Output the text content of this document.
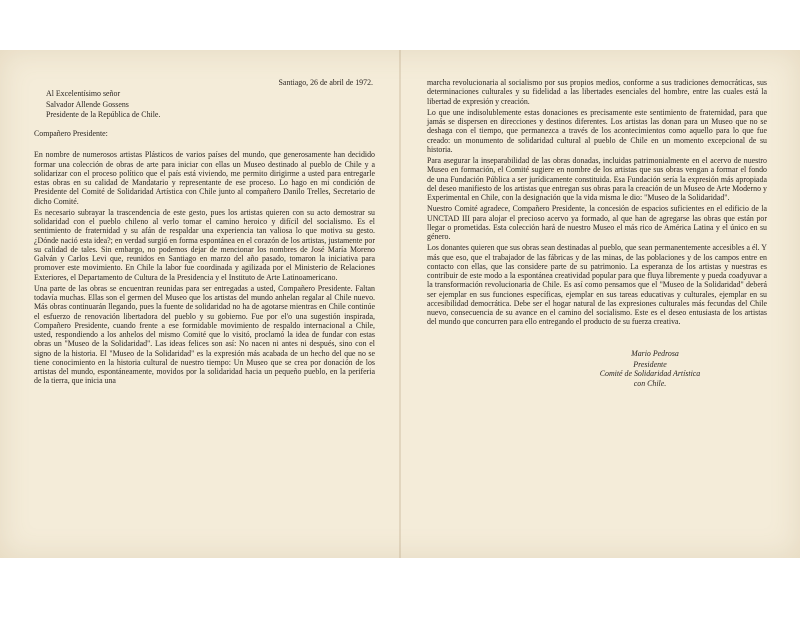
Santiago, 26 de abril de 1972.

Al Excelentísimo señor

Salvador Allende Gossens

Presidente de la República de Chile.

Compañero Presidente:

En nombre de numerosos artistas Plásticos de varios países del mundo, que generosamente han decidido formar una colección de obras de arte para iniciar con ellas un Museo destinado al pueblo de Chile y a solidarizar con el proceso político que el país está viviendo, me permito dirigirme a usted para entregarle estas obras en su calidad de Mandatario y representante de ese proceso. Lo hago en mi condición de Presidente del Comité de Solidaridad Artística con Chile junto al compañero Danilo Trelles, Secretario de dicho Comité.

Es necesario subrayar la trascendencia de este gesto, pues los artistas quieren con su acto demostrar su solidaridad con el pueblo chileno al verlo tomar el camino heroico y difícil del socialismo. Es el sentimiento de fraternidad y su afán de respaldar una experiencia tan valiosa lo que motiva su gesto. ¿Dónde nació esta idea?; en verdad surgió en forma espontánea en el corazón de los artistas, justamente por su calidad de tales. Sin embargo, no podemos dejar de mencionar los nombres de José María Moreno Galván y Carlos Levi que, reunidos en Santiago en marzo del año pasado, tomaron la iniciativa para promover este movimiento. En Chile la labor fue coordinada y agilizada por el Ministerio de Relaciones Exteriores, el Departamento de Cultura de la Presidencia y el Instituto de Arte Latinoamericano.

Una parte de las obras se encuentran reunidas para ser entregadas a usted, Compañero Presidente. Faltan todavía muchas. Ellas son el germen del Museo que los artistas del mundo anhelan regalar al Chile nuevo. Más obras continuarán llegando, pues la fuente de solidaridad no ha de agotarse mientras en Chile continúe el esfuerzo de renovación libertadora del pueblo y su gobierno. Fue por el'o una sugestión inspirada, Compañero Presidente, cuando frente a ese formidable movimiento de respaldo internacional a Chile, usted, respondiendo a los anhelos del mismo Comité que lo visitó, proclamó la idea de fundar con estas obras un "Museo de la Solidaridad". Las ideas felices son así: No nacen ni antes ni después, sino con el signo de la historia. El "Museo de la Solidaridad" es la expresión más acabada de un hecho del que no se tiene conocimiento en la historia cultural de nuestro tiempo: Un Museo que se crea por donación de los artistas del mundo, espontáneamente, movidos por la solidaridad hacia un pequeño pueblo, en la periferia de la tierra, que inicia una

marcha revolucionaria al socialismo por sus propios medios, conforme a sus tradiciones democráticas, sus determinaciones culturales y su fidelidad a las libertades esenciales del hombre, entre las cuales está la libertad de expresión y creación.

Lo que une indisolublemente estas donaciones es precisamente este sentimiento de fraternidad, para que jamás se dispersen en direcciones y destinos diferentes. Los artistas las donan para un Museo que no se deshaga con el tiempo, que permanezca a través de los acontecimientos como aquello para lo que fue creado: un monumento de solidaridad cultural al pueblo de Chile en un momento excepcional de su historia.

Para asegurar la inseparabilidad de las obras donadas, incluidas patrimonialmente en el acervo de nuestro Museo en formación, el Comité sugiere en nombre de los artistas que sus obras vengan a formar el fondo de una Fundación Pública a ser jurídicamente constituida. Esa Fundación sería la expresión más apropiada del deseo manifiesto de los artistas que entregan sus obras para la creación de un Museo de Arte Moderno y Experimental en Chile, con la designación que la vida misma le dio: "Museo de la Solidaridad".

Nuestro Comité agradece, Compañero Presidente, la concesión de espacios suficientes en el edificio de la UNCTAD III para alojar el precioso acervo ya formado, al que han de agregarse las obras que están por llegar o prometidas. Esta colección hará de nuestro Museo el más rico de América Latina y el único en su género.

Los donantes quieren que sus obras sean destinadas al pueblo, que sean permanentemente accesibles a él. Y más que eso, que el trabajador de las fábricas y de las minas, de las poblaciones y de los campos entre en contacto con ellas, que las considere parte de su patrimonio. La esperanza de los artistas y nuestras es contribuir de este modo a la espontánea creatividad popular para que fluya libremente y pueda coadyuvar a la transformación revolucionaria de Chile. Es así como pensamos que el "Museo de la Solidaridad" deberá ser ejemplar en sus funciones específicas, ejemplar en sus tareas educativas y culturales, ejemplar en su accesibilidad democrática. Debe ser el hogar natural de las expresiones culturales más fecundas del Chile nuevo, consecuencia de su avance en el camino del socialismo. Este es el deseo entusiasta de los artistas del mundo que concurren para ello entregando el producto de su fuerza creativa.

Mario Pedrosa
Presidente
Comité de Solidaridad Artística
con Chile.
